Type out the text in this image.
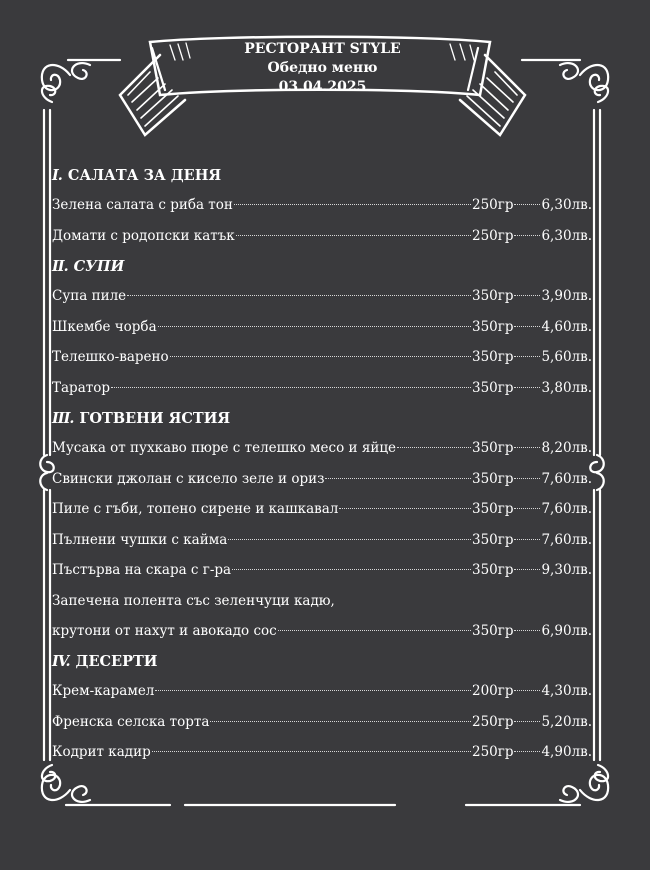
РЕСТОРАНТ STYLE
Обедно меню
03.04.2025
I. САЛАТА ЗА ДЕНЯ
Зелена салата с риба тон	250гр 6,30лв.
Домати с родопски катък	250гр 6,30лв.
II. СУПИ
Супа пиле	350гр 3,90лв.
Шкембе чорба	350гр 4,60лв.
Телешко-варено	350гр 5,60лв.
Таратор	350гр 3,80лв.
III. ГОТВЕНИ ЯСТИЯ
Мусака от пухкаво пюре с телешко месо и яйце	350гр 8,20лв.
Свински джолан с кисело зеле и ориз	350гр 7,60лв.
Пиле с гъби, топено сирене и кашкавал	350гр 7,60лв.
Пълнени чушки с кайма	350гр 7,60лв.
Пъстърва на скара с г-ра	350гр 9,30лв.
Запечена полента със зеленчуци кадю,
крутони от нахут и авокадо сос	350гр 6,90лв.
IV. ДЕСЕРТИ
Крем-карамел	200гр 4,30лв.
Френска селска торта	250гр 5,20лв.
Кодрит кадир	250гр 4,90лв.
